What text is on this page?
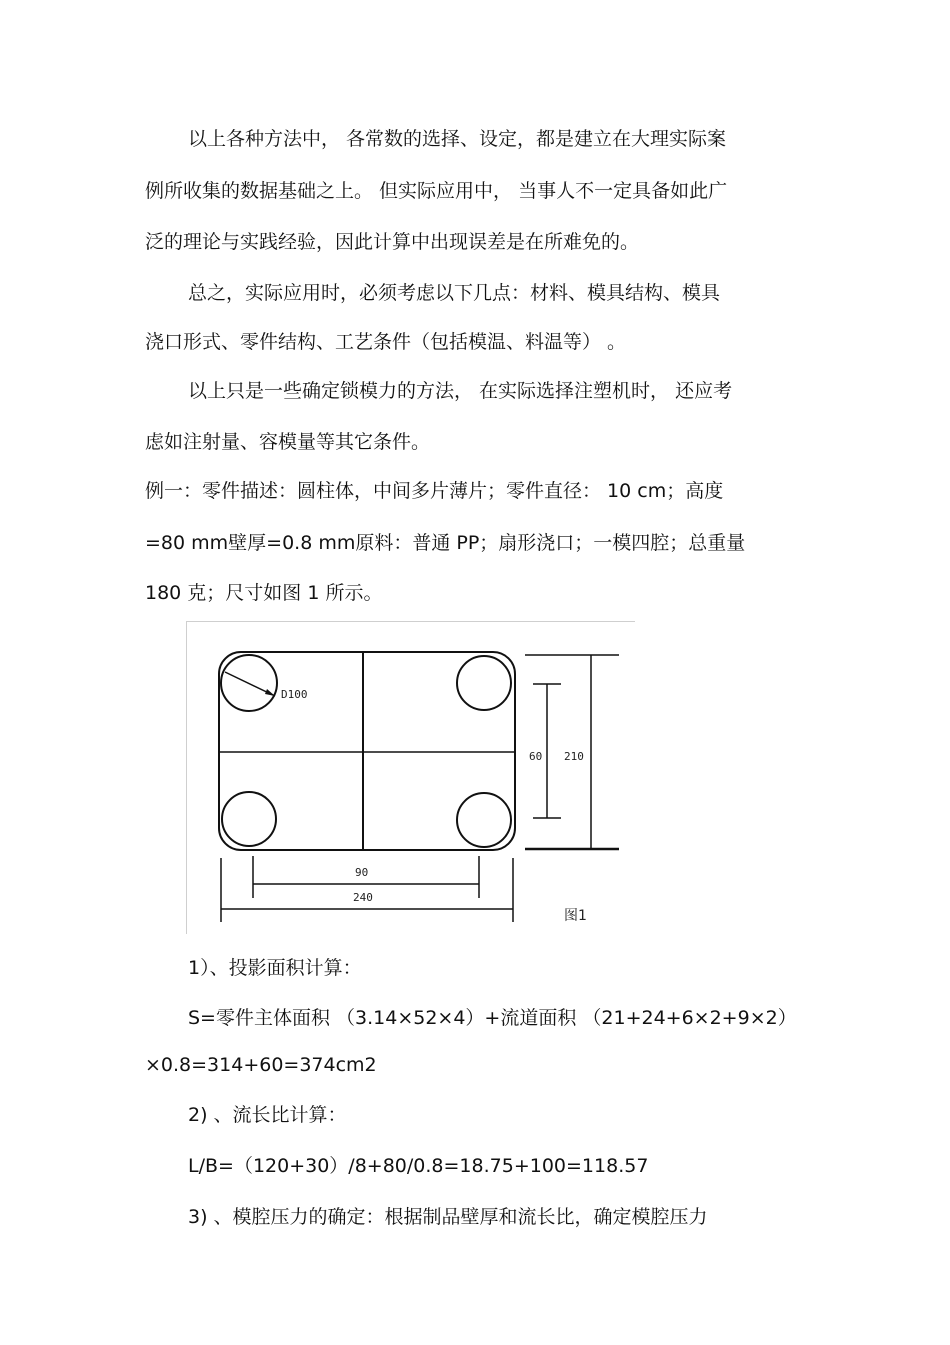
以上各种方法中， 各常数的选择、设定，都是建立在大理实际案
例所收集的数据基础之上。 但实际应用中， 当事人不一定具备如此广
泛的理论与实践经验，因此计算中出现误差是在所难免的。
总之，实际应用时，必须考虑以下几点：材料、模具结构、模具
浇口形式、零件结构、工艺条件（包括模温、料温等） 。
以上只是一些确定锁模力的方法， 在实际选择注塑机时， 还应考
虑如注射量、容模量等其它条件。
例一：零件描述：圆柱体，中间多片薄片；零件直径： 10 cm；高度
=80 mm壁厚=0.8 mm原料：普通 PP；扇形浇口；一模四腔；总重量
180 克；尺寸如图 1 所示。
D100
210
60
90
240
图1
1）、投影面积计算：
S=零件主体面积 （3.14×52×4）+流道面积 （21+24+6×2+9×2）
×0.8=314+60=374cm2
2) 、流长比计算：
L/B=（120+30）/8+80/0.8=18.75+100=118.57
3) 、模腔压力的确定：根据制品壁厚和流长比，确定模腔压力
